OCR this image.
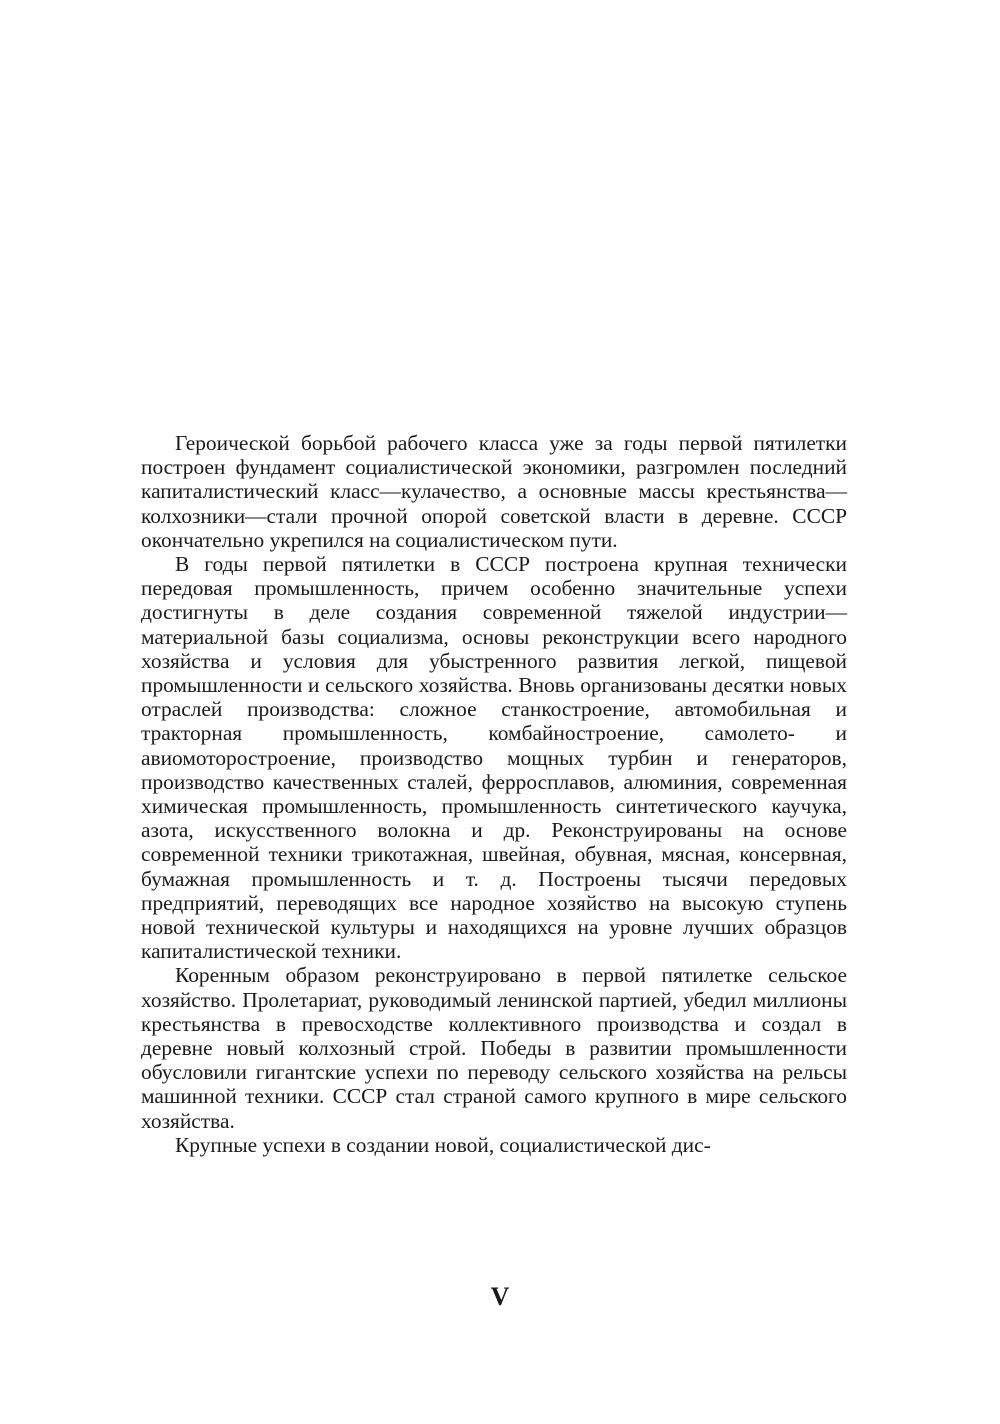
Героической борьбой рабочего класса уже за годы первой пятилетки построен фундамент социалистической экономики, разгромлен последний капиталистический класс—кулачество, а основные массы крестьянства—колхозники—стали прочной опорой советской власти в деревне. СССР окончательно укрепился на социалистическом пути.

В годы первой пятилетки в СССР построена крупная технически передовая промышленность, причем особенно значительные успехи достигнуты в деле создания современной тяжелой индустрии—материальной базы социализма, основы реконструкции всего народного хозяйства и условия для убыстренного развития легкой, пищевой промышленности и сельского хозяйства. Вновь организованы десятки новых отраслей производства: сложное станкостроение, автомобильная и тракторная промышленность, комбайностроение, самолето- и авиомоторостроение, производство мощных турбин и генераторов, производство качественных сталей, ферросплавов, алюминия, современная химическая промышленность, промышленность синтетического каучука, азота, искусственного волокна и др. Реконструированы на основе современной техники трикотажная, швейная, обувная, мясная, консервная, бумажная промышленность и т. д. Построены тысячи передовых предприятий, переводящих все народное хозяйство на высокую ступень новой технической культуры и находящихся на уровне лучших образцов капиталистической техники.

Коренным образом реконструировано в первой пятилетке сельское хозяйство. Пролетариат, руководимый ленинской партией, убедил миллионы крестьянства в превосходстве коллективного производства и создал в деревне новый колхозный строй. Победы в развитии промышленности обусловили гигантские успехи по переводу сельского хозяйства на рельсы машинной техники. СССР стал страной самого крупного в мире сельского хозяйства.

Крупные успехи в создании новой, социалистической дис-

V
